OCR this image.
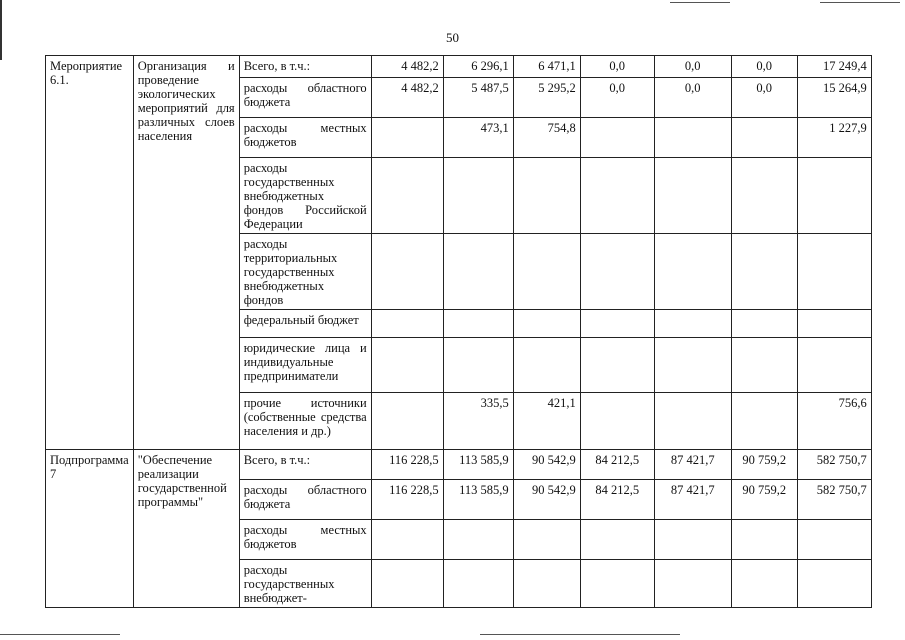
50
Мероприятие 6.1.	Организация и проведение экологических мероприятий для различных слоев населения	Всего, в т.ч.:	4 482,2	6 296,1	6 471,1	0,0	0,0	0,0	17 249,4
		расходы областного бюджета	4 482,2	5 487,5	5 295,2	0,0	0,0	0,0	15 264,9
		расходы местных бюджетов		473,1	754,8				1 227,9
		расходы государственных внебюджетных фондов Российской Федерации							
		расходы территориальных государственных внебюджетных фондов							
		федеральный бюджет							
		юридические лица и индивидуальные предприниматели							
		прочие источники (собственные средства населения и др.)		335,5	421,1				756,6
Подпрограмма 7	"Обеспечение реализации государственной программы"	Всего, в т.ч.:	116 228,5	113 585,9	90 542,9	84 212,5	87 421,7	90 759,2	582 750,7
		расходы областного бюджета	116 228,5	113 585,9	90 542,9	84 212,5	87 421,7	90 759,2	582 750,7
		расходы местных бюджетов							
		расходы государственных внебюджет-							
